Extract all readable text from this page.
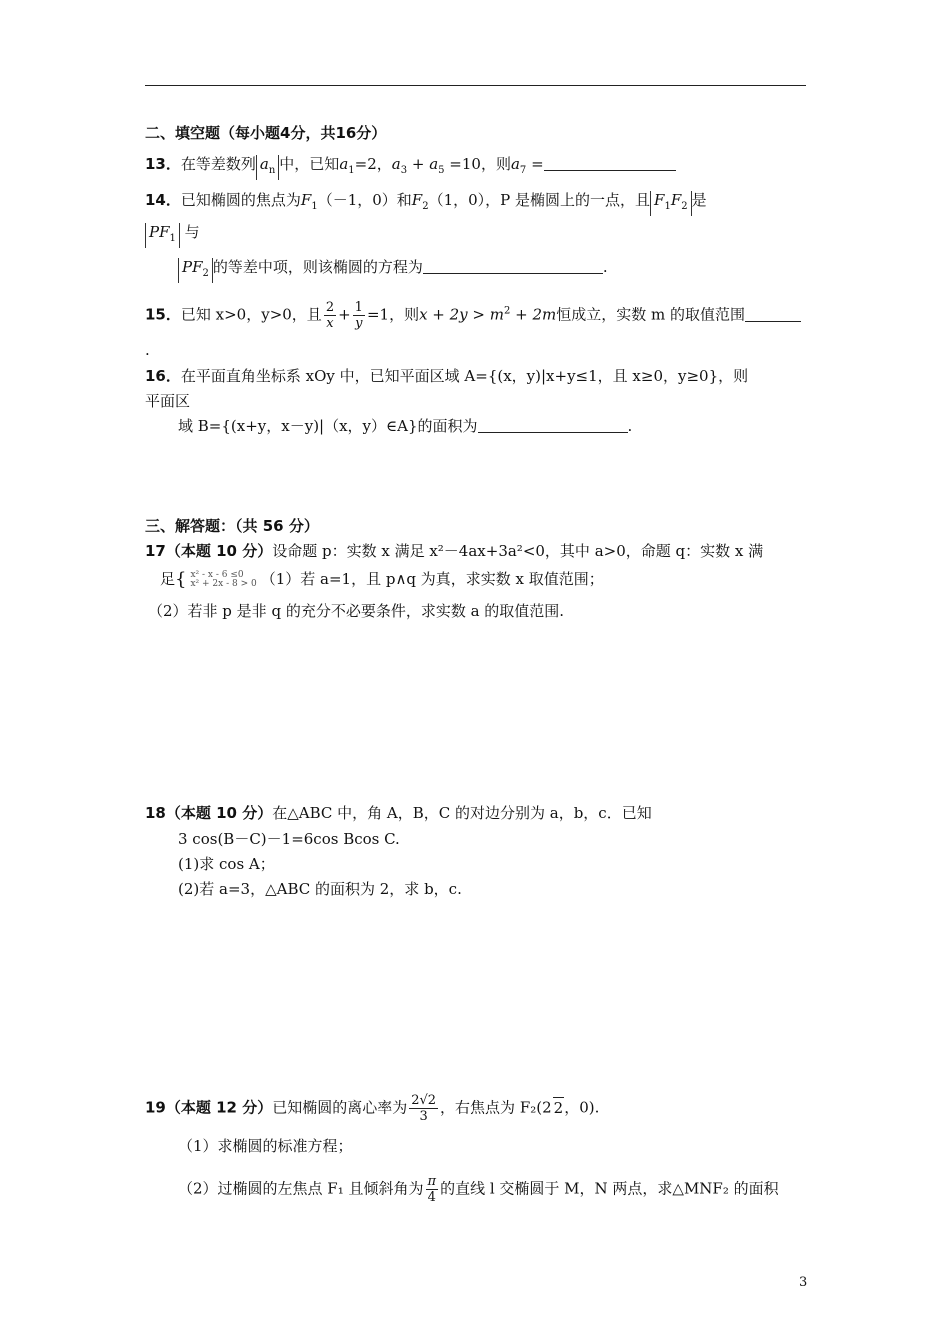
二、填空题（每小题4分，共16分）
13．在等差数列 $a_n$ 中，已知$a_1=2$，$a_3 + a_5 =10$，则$a_7$ =
14．已知椭圆的焦点为$F_1(-1$，0）和$F_2(1$，0），P 是椭圆上的一点，且 $F_1F_2$ 是
$PF_1$ 与
$PF_2$ 的等差中项，则该椭圆的方程为	.
15．已知 x>0，y>0，且 $\frac{2}{x} + \frac{1}{y} =1$，则$x + 2y > m^2 + 2m$恒成立，实数 m 的取值范围
.
16．在平面直角坐标系 xOy 中，已知平面区域 A={(x，y)|x+y≤1，且 x≥0，y≥0}，则
平面区
域 B={(x+y，x－y)|（x，y）∈A}的面积为	.
三、解答题：（共 56 分）
17（本题 10 分）设命题 p：实数 x 满足 x²－4ax+3a²<0，其中 a>0，命题 q：实数 x 满
足{ x² - x - 6 ≤0
x² + 2x - 8 > 0 （1）若 a=1，且 p∧q 为真，求实数 x 取值范围；
（2）若非 p 是非 q 的充分不必要条件，求实数 a 的取值范围.
18（本题 10 分）在△ABC 中，角 A，B，C 的对边分别为 a，b，c．已知
3 cos(B－C)－1=6cos Bcos C.
(1)求 cos A；
(2)若 a=3，△ABC 的面积为 2，求 b，c.
19（本题 12 分）已知椭圆的离心率为 $\frac{2√2}{3}$ ，右焦点为 F₂(2 2，0).
（1）求椭圆的标准方程；
（2）过椭圆的左焦点 F₁ 且倾斜角为 $\frac{\pi}{4}$ 的直线 l 交椭圆于 M，N 两点，求△MNF₂ 的面积
3
